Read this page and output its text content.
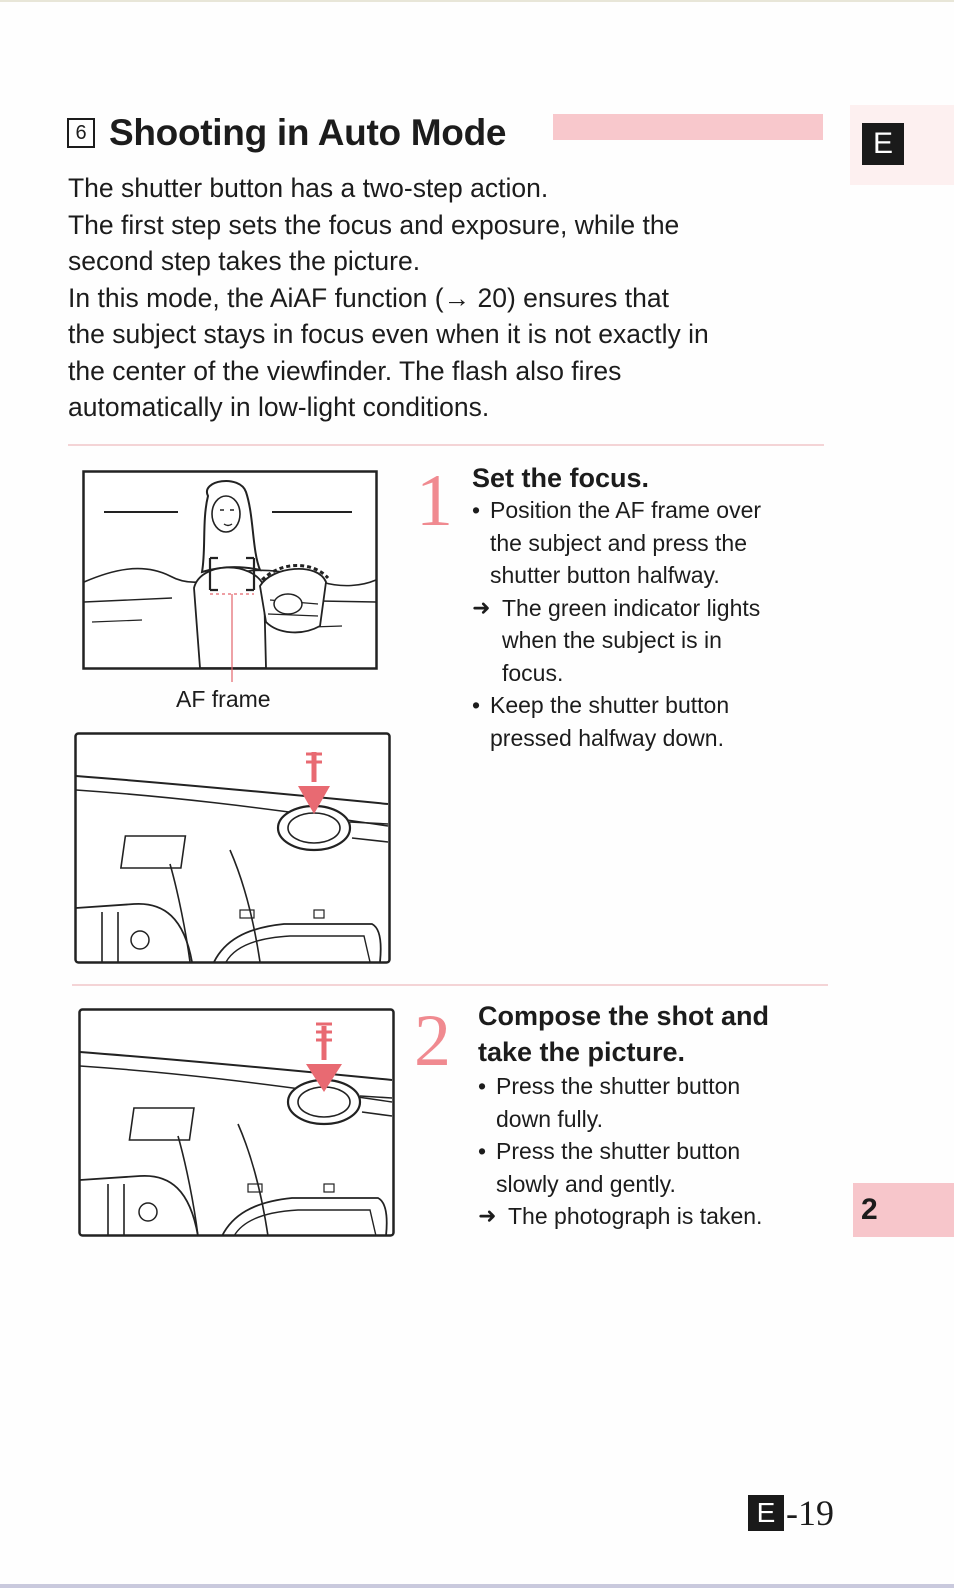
6 Shooting in Auto Mode	E

The shutter button has a two-step action.

The first step sets the focus and exposure, while the

second step takes the picture.

In this mode, the AiAF function (→ 20) ensures that

the subject stays in focus even when it is not exactly in

the center of the viewfinder. The flash also fires

automatically in low-light conditions.

AF frame
1 Set the focus.
• Position the AF frame over
the subject and press the
shutter button halfway.
➜ The green indicator lights
when the subject is in
focus.
• Keep the shutter button
pressed halfway down.
2 Compose the shot and
take the picture.
• Press the shutter button
down fully.
• Press the shutter button
slowly and gently.
➜ The photograph is taken.	2
E -19
